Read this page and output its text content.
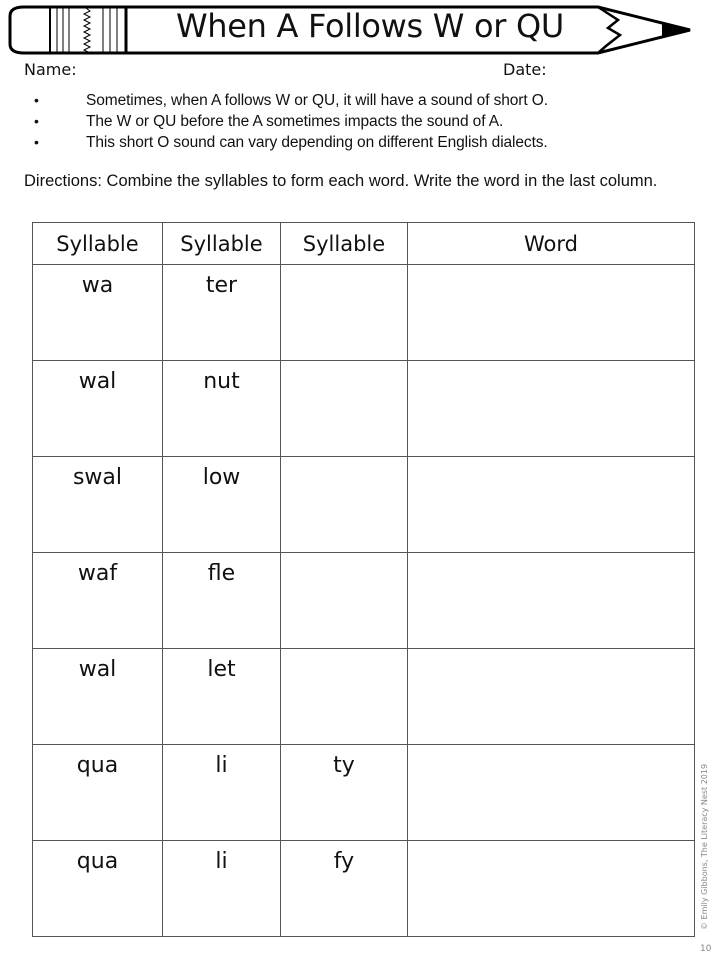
When A Follows W or QU
Name:	Date:
• Sometimes, when A follows W or QU, it will have a sound of short O.
• The W or QU before the A sometimes impacts the sound of A.
• This short O sound can vary depending on different English dialects.
Directions: Combine the syllables to form each word. Write the word in the last column.
Syllable	Syllable	Syllable	Word
wa	ter		
wal	nut		
swal	low		
waf	fle		
wal	let		
qua	li	ty	
qua	li	fy		© Emily Gibbons, The Literacy Nest 2019
10
